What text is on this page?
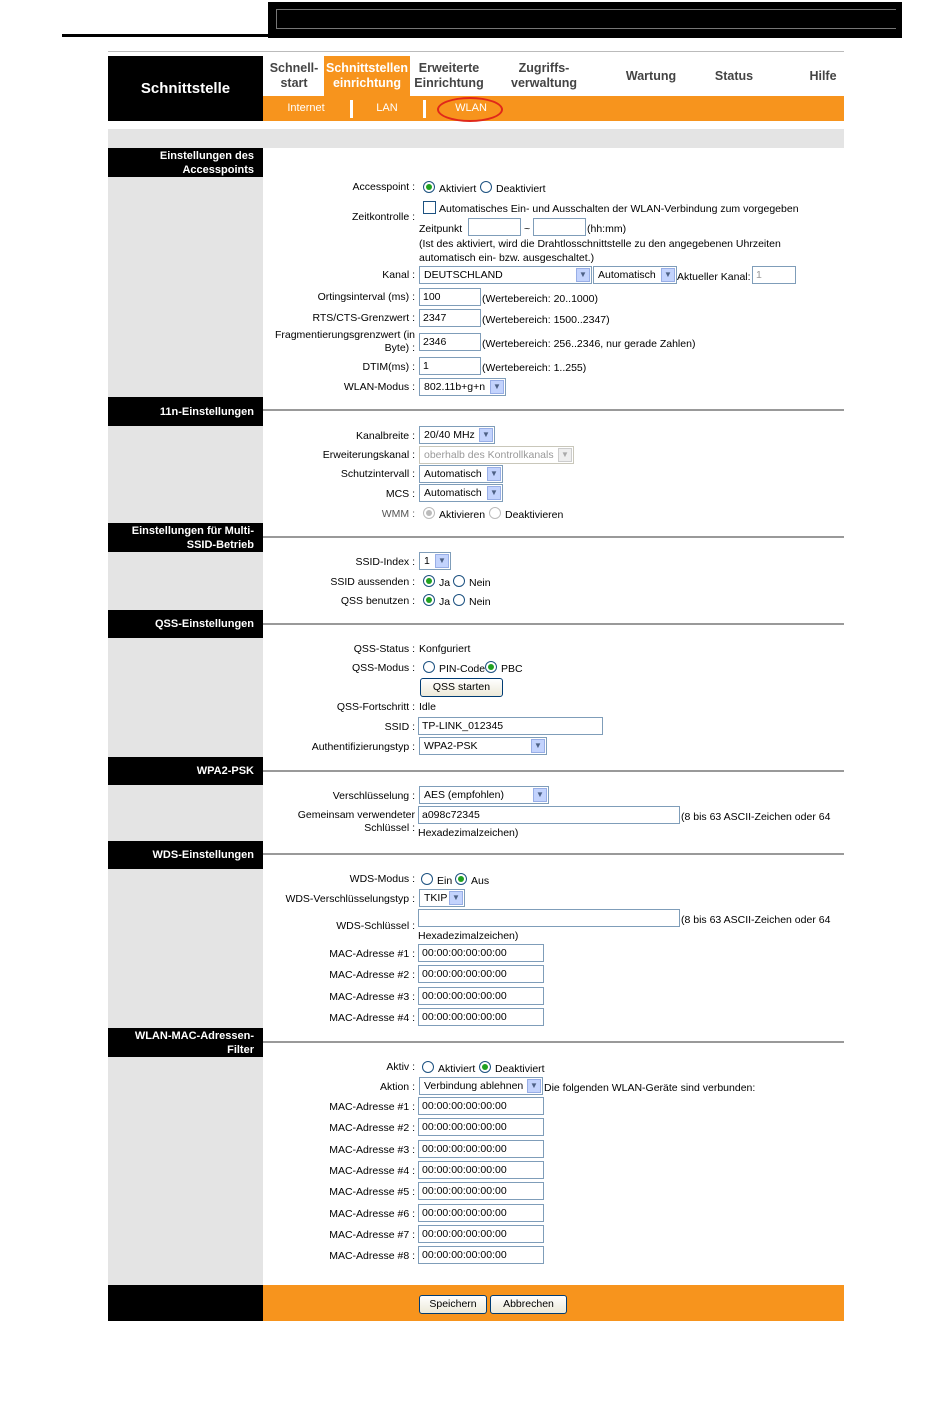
Schnittstelle
Schnell-
start
Schnittstellen
einrichtung
Erweiterte
Einrichtung
Zugriffs-
verwaltung
Wartung	Status	Hilfe
Internet	LAN	WLAN
Einstellungen des
Accesspoints
Accesspoint : Aktiviert Deaktiviert
Zeitkontrolle :
Automatisches Ein- und Ausschalten der WLAN-Verbindung zum vorgegeben
Zeitpunkt	~	(hh:mm)
(Ist des aktiviert, wird die Drahtlosschnittstelle zu den angegebenen Uhrzeiten
automatisch ein- bzw. ausgeschaltet.)
Kanal : DEUTSCHLAND	▼	Automatisch	▼ Aktueller Kanal:
1
Ortingsinterval (ms) :
100	(Wertebereich: 20..1000)
RTS/CTS-Grenzwert :
2347	(Wertebereich: 1500..2347)
Fragmentierungsgrenzwert (in Byte) :
2346	(Wertebereich: 256..2346, nur gerade Zahlen)
DTIM(ms) :
1	(Wertebereich: 1..255)
WLAN-Modus : 802.11b+g+n ▼
11n-Einstellungen
Kanalbreite : 20/40 MHz ▼
Erweiterungskanal : oberhalb des Kontrollkanals ▼
Schutzintervall : Automatisch	▼
MCS : Automatisch	▼
WMM : Aktivieren Deaktivieren
Einstellungen für Multi-
SSID-Betrieb
SSID-Index : 1	▼
SSID aussenden : Ja Nein
QSS benutzen : Ja Nein
QSS-Einstellungen
QSS-Status : Konfguriert
QSS-Modus : PIN-Code PBC
QSS starten
QSS-Fortschritt : Idle
SSID :
TP-LINK_012345
Authentifizierungstyp : WPA2-PSK	▼
WPA2-PSK
Verschlüsselung : AES (empfohlen)	▼
Gemeinsam verwendeter Schlüssel :
a098c72345
(8 bis 63 ASCII-Zeichen oder 64
Hexadezimalzeichen)
WDS-Einstellungen
WDS-Modus : Ein Aus
WDS-Verschlüsselungstyp : TKIP ▼
WDS-Schlüssel :	(8 bis 63 ASCII-Zeichen oder 64
Hexadezimalzeichen)
MAC-Adresse #1 :
00:00:00:00:00:00
MAC-Adresse #2 :
00:00:00:00:00:00
MAC-Adresse #3 :
00:00:00:00:00:00
MAC-Adresse #4 :
00:00:00:00:00:00
WLAN-MAC-Adressen-
Filter
Aktiv : Aktiviert Deaktiviert
Aktion : Verbindung ablehnen ▼ Die folgenden WLAN-Geräte sind verbunden:
MAC-Adresse #1 :
00:00:00:00:00:00
MAC-Adresse #2 :
00:00:00:00:00:00
MAC-Adresse #3 :
00:00:00:00:00:00
MAC-Adresse #4 :
00:00:00:00:00:00
MAC-Adresse #5 :
00:00:00:00:00:00
MAC-Adresse #6 :
00:00:00:00:00:00
MAC-Adresse #7 :
00:00:00:00:00:00
MAC-Adresse #8 :
00:00:00:00:00:00
Speichern	Abbrechen
